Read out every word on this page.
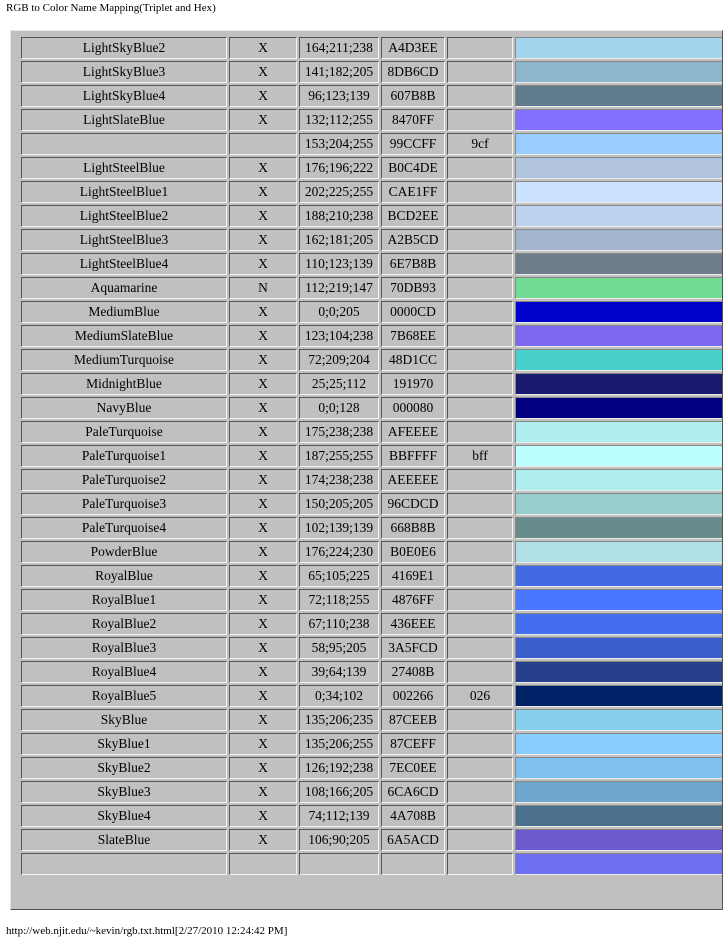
RGB to Color Name Mapping(Triplet and Hex)
LightSkyBlue2	X	164;211;238	A4D3EE		
LightSkyBlue3	X	141;182;205	8DB6CD		
LightSkyBlue4	X	96;123;139	607B8B		
LightSlateBlue	X	132;112;255	8470FF		
		153;204;255	99CCFF	9cf	
LightSteelBlue	X	176;196;222	B0C4DE		
LightSteelBlue1	X	202;225;255	CAE1FF		
LightSteelBlue2	X	188;210;238	BCD2EE		
LightSteelBlue3	X	162;181;205	A2B5CD		
LightSteelBlue4	X	110;123;139	6E7B8B		
Aquamarine	N	112;219;147	70DB93		
MediumBlue	X	0;0;205	0000CD		
MediumSlateBlue	X	123;104;238	7B68EE		
MediumTurquoise	X	72;209;204	48D1CC		
MidnightBlue	X	25;25;112	191970		
NavyBlue	X	0;0;128	000080		
PaleTurquoise	X	175;238;238	AFEEEE		
PaleTurquoise1	X	187;255;255	BBFFFF	bff	
PaleTurquoise2	X	174;238;238	AEEEEE		
PaleTurquoise3	X	150;205;205	96CDCD		
PaleTurquoise4	X	102;139;139	668B8B		
PowderBlue	X	176;224;230	B0E0E6		
RoyalBlue	X	65;105;225	4169E1		
RoyalBlue1	X	72;118;255	4876FF		
RoyalBlue2	X	67;110;238	436EEE		
RoyalBlue3	X	58;95;205	3A5FCD		
RoyalBlue4	X	39;64;139	27408B		
RoyalBlue5	X	0;34;102	002266	026	
SkyBlue	X	135;206;235	87CEEB		
SkyBlue1	X	135;206;255	87CEFF		
SkyBlue2	X	126;192;238	7EC0EE		
SkyBlue3	X	108;166;205	6CA6CD		
SkyBlue4	X	74;112;139	4A708B		
SlateBlue	X	106;90;205	6A5ACD		

http://web.njit.edu/~kevin/rgb.txt.html[2/27/2010 12:24:42 PM]
